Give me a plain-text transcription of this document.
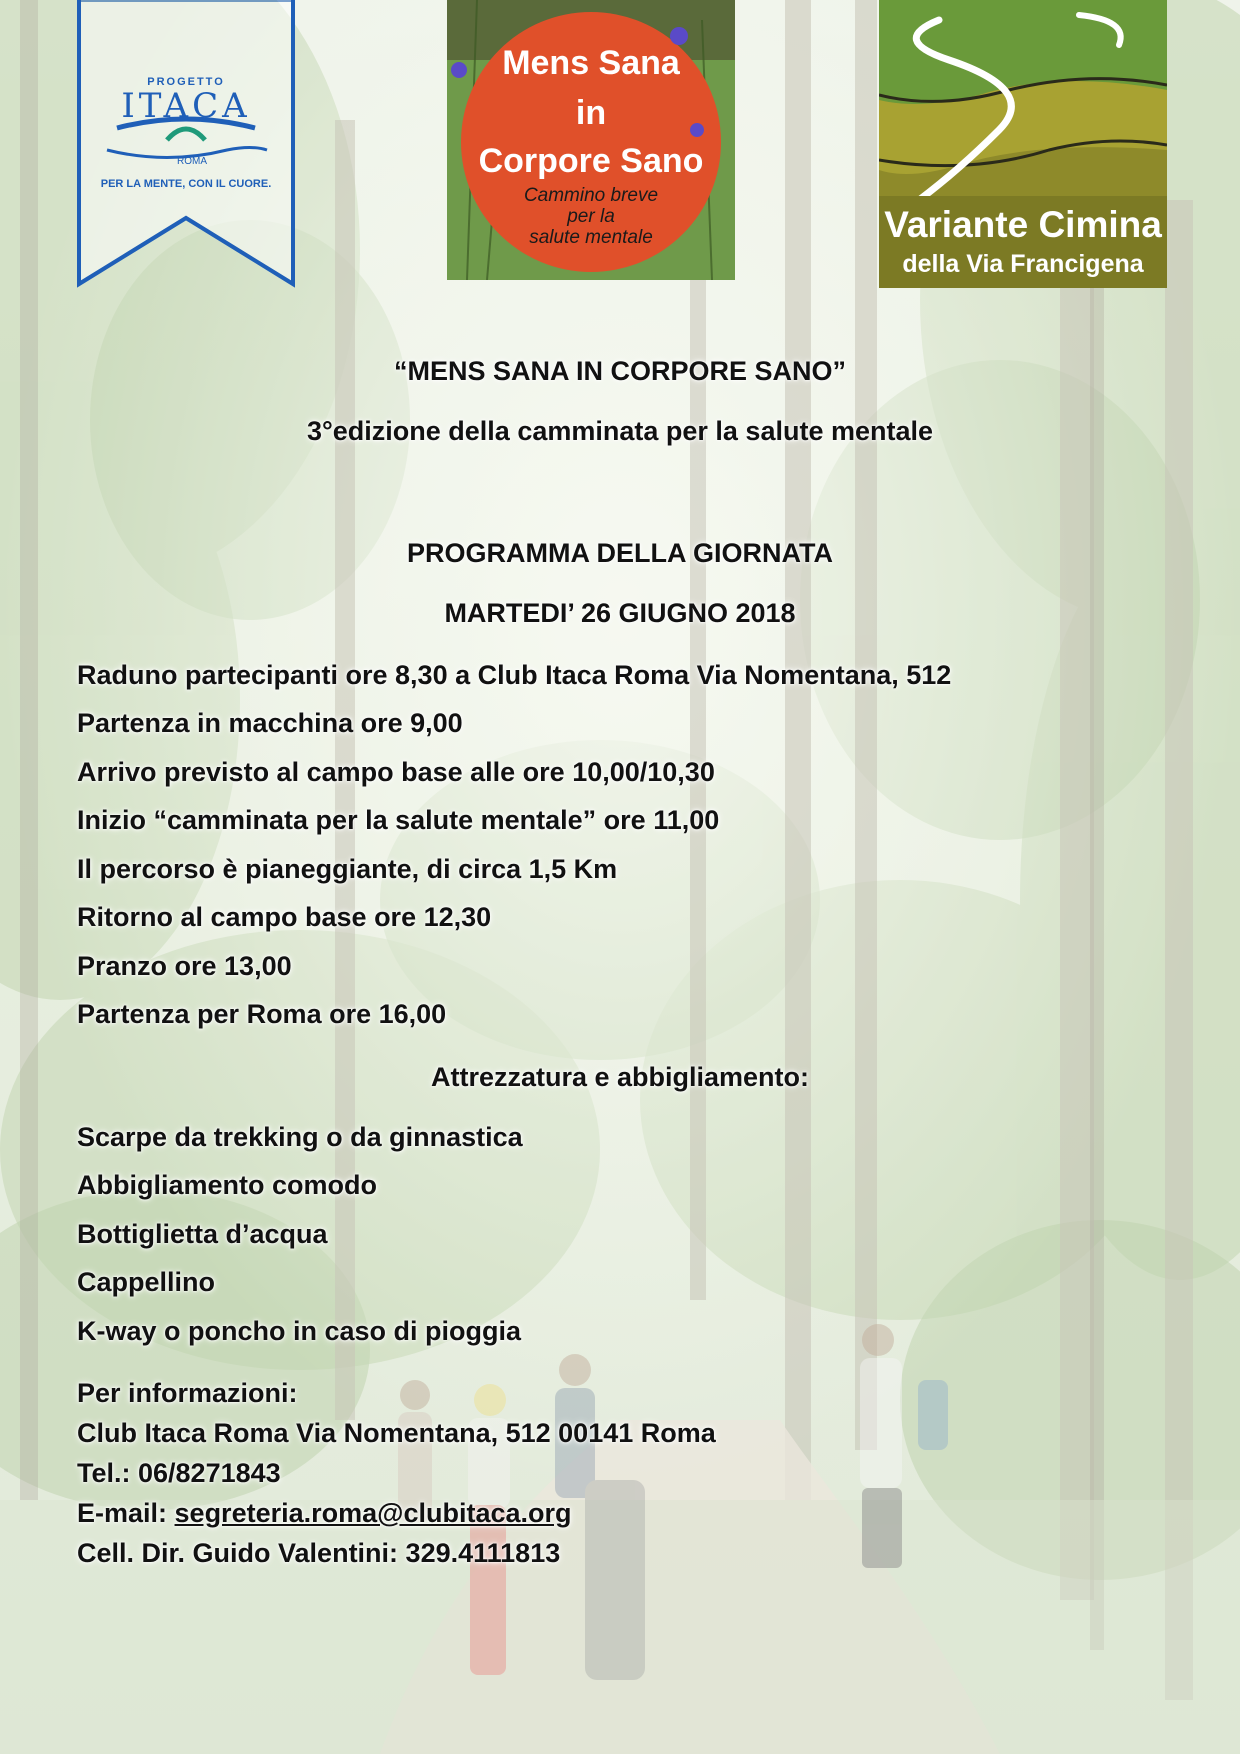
PROGETTO
ITACA
ROMA
PER LA MENTE, CON IL CUORE.
Mens Sana
in
Corpore Sano
Cammino breve
per la
salute mentale	Variante Cimina
della Via Francigena
“MENS SANA IN CORPORE SANO”
3°edizione della camminata per la salute mentale
PROGRAMMA DELLA GIORNATA
MARTEDI’ 26 GIUGNO 2018
Raduno partecipanti ore 8,30 a Club Itaca Roma Via Nomentana, 512
Partenza in macchina ore 9,00
Arrivo previsto al campo base alle ore 10,00/10,30
Inizio “camminata per la salute mentale” ore 11,00
Il percorso è pianeggiante, di circa 1,5 Km
Ritorno al campo base ore 12,30
Pranzo ore 13,00
Partenza per Roma ore 16,00
Attrezzatura e abbigliamento:
Scarpe da trekking o da ginnastica
Abbigliamento comodo
Bottiglietta d’acqua
Cappellino
K-way o poncho in caso di pioggia
Per informazioni:
Club Itaca Roma Via Nomentana, 512 00141 Roma
Tel.: 06/8271843
E-mail: segreteria.roma@clubitaca.org
Cell. Dir. Guido Valentini: 329.4111813
